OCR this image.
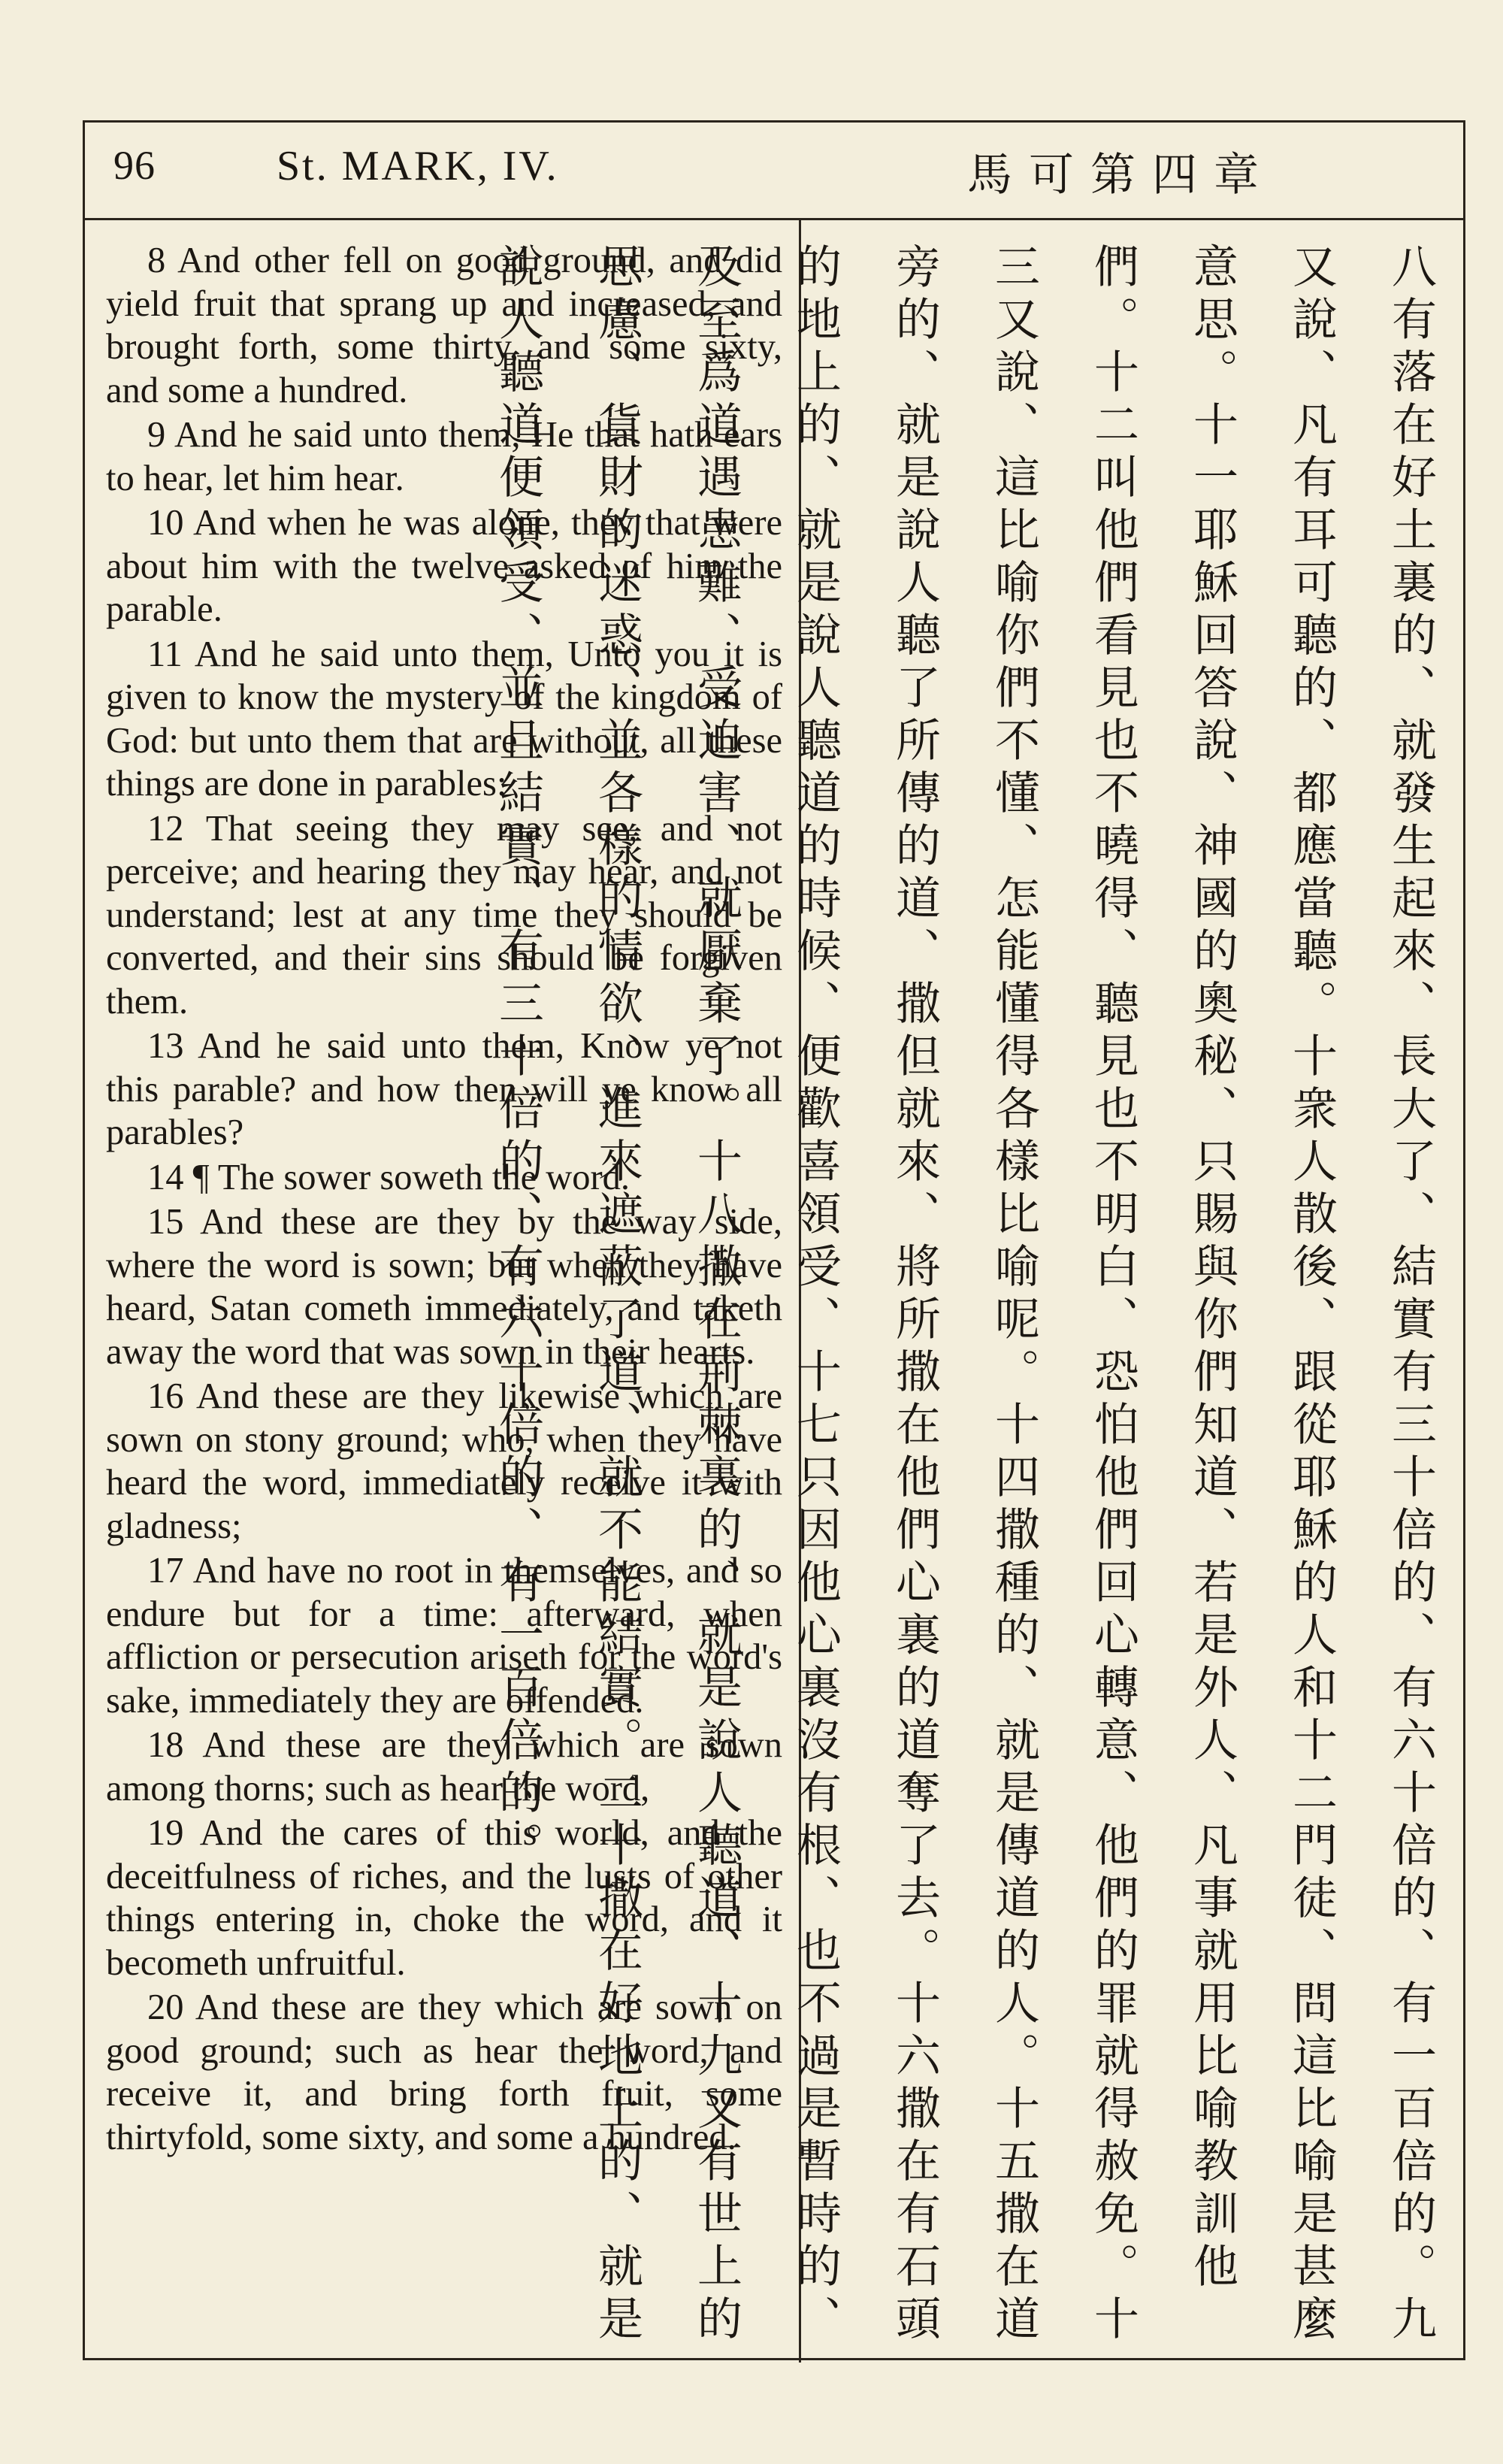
96	St. MARK, IV.	馬可第四章

8 And other fell on good ground, and did yield fruit that sprang up and increased, and brought forth, some thirty, and some sixty, and some a hundred.

9 And he said unto them, He that hath ears to hear, let him hear.

10 And when he was alone, they that were about him with the twelve asked of him the parable.

11 And he said unto them, Unto you it is given to know the mystery of the kingdom of God: but unto them that are without, all these things are done in parables:

12 That seeing they may see, and not perceive; and hearing they may hear, and not understand; lest at any time they should be converted, and their sins should be forgiven them.

13 And he said unto them, Know ye not this parable? and how then will ye know all parables?

14 ¶ The sower soweth the word.

15 And these are they by the way side, where the word is sown; but when they have heard, Satan cometh immediately, and taketh away the word that was sown in their hearts.

16 And these are they likewise which are sown on stony ground; who, when they have heard the word, immediately receive it with gladness;

17 And have no root in themselves, and so endure but for a time: afterward, when affliction or persecution ariseth for the word's sake, immediately they are offended.

18 And these are they which are sown among thorns; such as hear the word,

19 And the cares of this world, and the deceitfulness of riches, and the lusts of other things entering in, choke the word, and it becometh unfruitful.

20 And these are they which are sown on good ground; such as hear the word, and receive it, and bring forth fruit, some thirtyfold, some sixty, and some a hundred.	八有落在好土裏的、就發生起來、長大了、結實有三十倍的、有六十倍的、有一百倍的。九又說、凡有耳可聽的、都應當聽。十衆人散後、跟從耶穌的人和十二門徒、問這比喻是甚麼意思。十一耶穌回答說、神國的奧秘、只賜與你們知道、若是外人、凡事就用比喻教訓他們。十二叫他們看見也不曉得、聽見也不明白、恐怕他們回心轉意、他們的罪就得赦免。十三又說、這比喻你們不懂、怎能懂得各樣比喻呢。十四撒種的、就是傳道的人。十五撒在道旁的、就是說人聽了所傳的道、撒但就來、將所撒在他們心裏的道奪了去。十六撒在有石頭的地上的、就是說人聽道的時候、便歡喜領受、十七只因他心裏沒有根、也不過是暫時的、及至爲道遇患難、受迫害、就厭棄了。十八撒在荊棘裏的、就是說人聽道、十九又有世上的思慮、貨財的迷惑、並各樣的情欲、進來遮蔽了道、就不能結實。二十撒在好地上的、就是說人聽道便領受、並且結實、有三十倍的、有六十倍的、有一百倍的。
